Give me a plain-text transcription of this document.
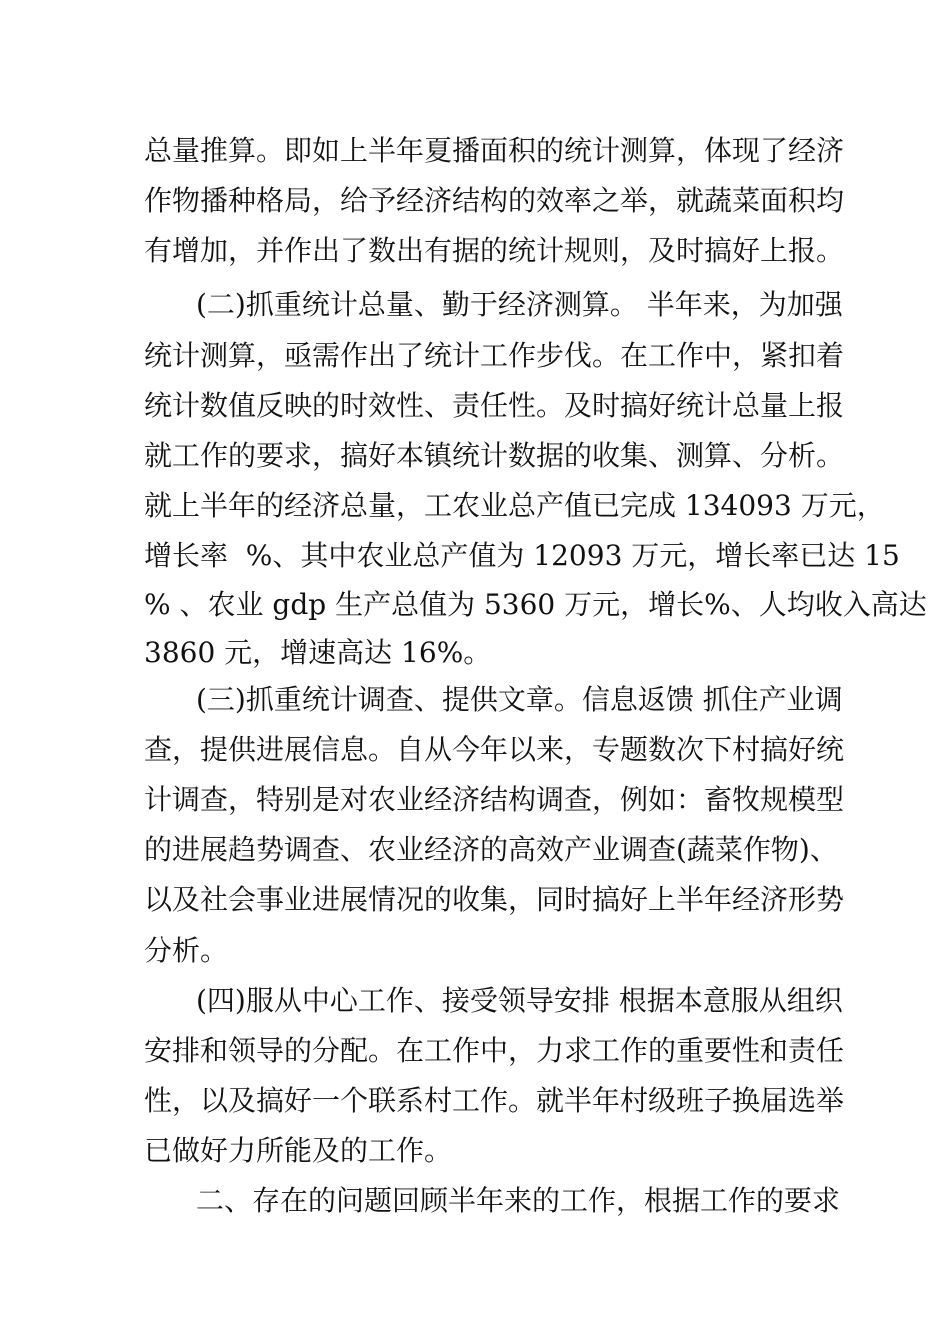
总量推算。即如上半年夏播面积的统计测算，体现了经济
作物播种格局，给予经济结构的效率之举，就蔬菜面积均
有增加，并作出了数出有据的统计规则，及时搞好上报。
(二)抓重统计总量、勤于经济测算。 半年来，为加强
统计测算，亟需作出了统计工作步伐。在工作中，紧扣着
统计数值反映的时效性、责任性。及时搞好统计总量上报
就工作的要求，搞好本镇统计数据的收集、测算、分析。
就上半年的经济总量，工农业总产值已完成 134093 万元，
增长率  %、其中农业总产值为 12093 万元，增长率已达 15
% 、农业 gdp 生产总值为 5360 万元，增长%、人均收入高达
3860 元，增速高达 16%。
(三)抓重统计调查、提供文章。信息返馈 抓住产业调
查，提供进展信息。自从今年以来，专题数次下村搞好统
计调查，特别是对农业经济结构调查，例如：畜牧规模型
的进展趋势调查、农业经济的高效产业调查(蔬菜作物)、
以及社会事业进展情况的收集，同时搞好上半年经济形势
分析。
(四)服从中心工作、接受领导安排 根据本意服从组织
安排和领导的分配。在工作中，力求工作的重要性和责任
性，以及搞好一个联系村工作。就半年村级班子换届选举
已做好力所能及的工作。
二、存在的问题回顾半年来的工作，根据工作的要求
